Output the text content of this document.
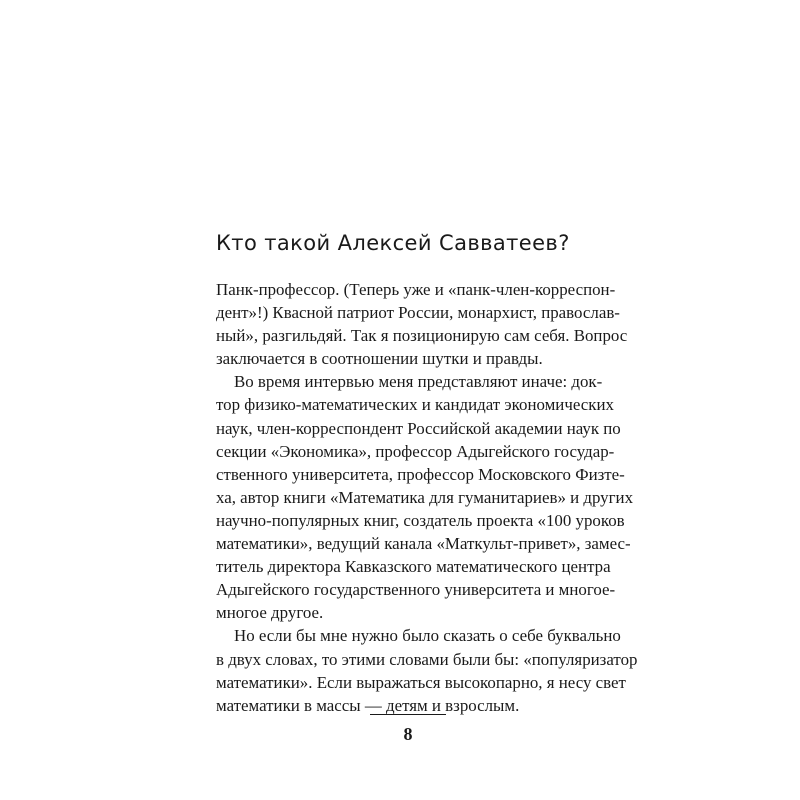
Кто такой Алексей Савватеев?
Панк-профессор. (Теперь уже и «панк-член-корреспон-
дент»!) Квасной патриот России, монархист, православ-
ный», разгильдяй. Так я позиционирую сам себя. Вопрос
заключается в соотношении шутки и правды.
Во время интервью меня представляют иначе: док-
тор физико-математических и кандидат экономических
наук, член-корреспондент Российской академии наук по
секции «Экономика», профессор Адыгейского государ-
ственного университета, профессор Московского Физте-
ха, автор книги «Математика для гуманитариев» и других
научно-популярных книг, создатель проекта «100 уроков
математики», ведущий канала «Маткульт-привет», замес-
титель директора Кавказского математического центра
Адыгейского государственного университета и многое-
многое другое.
Но если бы мне нужно было сказать о себе буквально
в двух словах, то этими словами были бы: «популяризатор
математики». Если выражаться высокопарно, я несу свет
математики в массы — детям и взрослым.
8
